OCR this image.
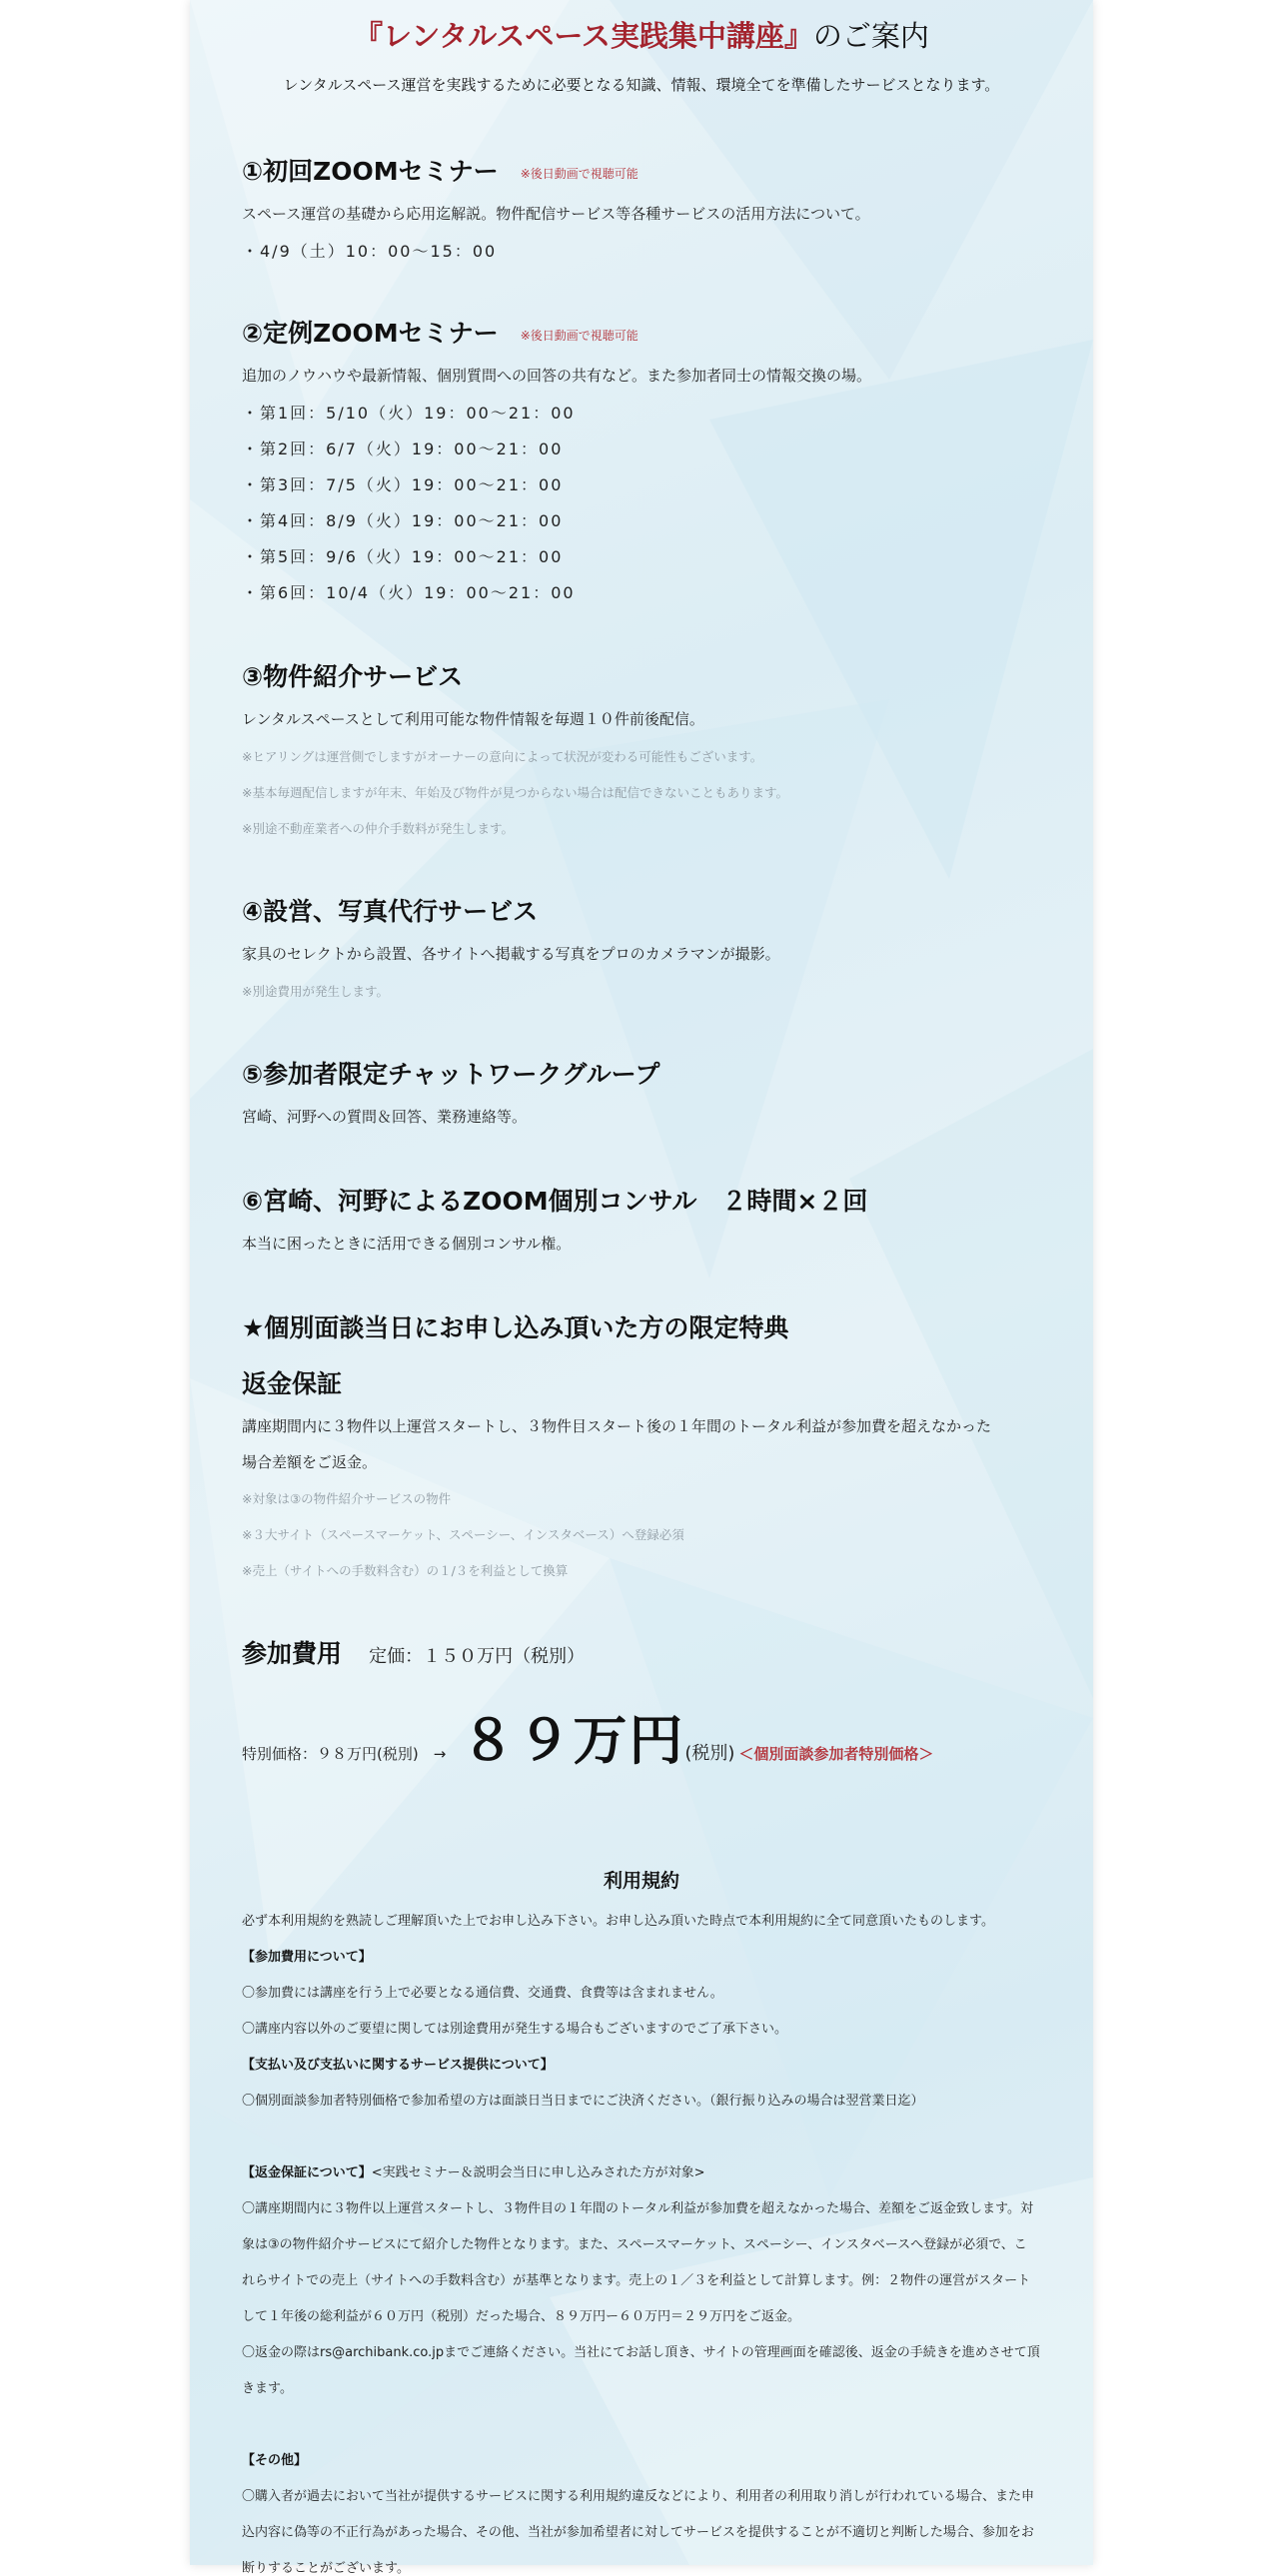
『レンタルスペース実践集中講座』のご案内
レンタルスペース運営を実践するために必要となる知識、情報、環境全てを準備したサービスとなります。
①初回ZOOMセミナー ※後日動画で視聴可能
スペース運営の基礎から応用迄解説。物件配信サービス等各種サービスの活用方法について。
・4/9（土）10：00〜15：00
②定例ZOOMセミナー ※後日動画で視聴可能
追加のノウハウや最新情報、個別質問への回答の共有など。また参加者同士の情報交換の場。
・第1回：5/10（火）19：00〜21：00
・第2回：6/7（火）19：00〜21：00
・第3回：7/5（火）19：00〜21：00
・第4回：8/9（火）19：00〜21：00
・第5回：9/6（火）19：00〜21：00
・第6回：10/4（火）19：00〜21：00
③物件紹介サービス
レンタルスペースとして利用可能な物件情報を毎週１０件前後配信。
※ヒアリングは運営側でしますがオーナーの意向によって状況が変わる可能性もございます。
※基本毎週配信しますが年末、年始及び物件が見つからない場合は配信できないこともあります。
※別途不動産業者への仲介手数料が発生します。
④設営、写真代行サービス
家具のセレクトから設置、各サイトへ掲載する写真をプロのカメラマンが撮影。
※別途費用が発生します。
⑤参加者限定チャットワークグループ
宮崎、河野への質問＆回答、業務連絡等。
⑥宮崎、河野によるZOOM個別コンサル　２時間×２回
本当に困ったときに活用できる個別コンサル権。
★個別面談当日にお申し込み頂いた方の限定特典
返金保証
講座期間内に３物件以上運営スタートし、３物件目スタート後の１年間のトータル利益が参加費を超えなかった
場合差額をご返金。
※対象は③の物件紹介サービスの物件
※３大サイト（スペースマーケット、スペーシー、インスタベース）へ登録必須
※売上（サイトへの手数料含む）の１/３を利益として換算
参加費用 定価：１５０万円（税別）
特別価格：９８万円(税別)　→ ８９万円(税別) ＜個別面談参加者特別価格＞
利用規約
必ず本利用規約を熟読しご理解頂いた上でお申し込み下さい。お申し込み頂いた時点で本利用規約に全て同意頂いたものします。
【参加費用について】
〇参加費には講座を行う上で必要となる通信費、交通費、食費等は含まれません。
〇講座内容以外のご要望に関しては別途費用が発生する場合もございますのでご了承下さい。
【支払い及び支払いに関するサービス提供について】
〇個別面談参加者特別価格で参加希望の方は面談日当日までにご決済ください。（銀行振り込みの場合は翌営業日迄）
【返金保証について】<実践セミナー＆説明会当日に申し込みされた方が対象>
〇講座期間内に３物件以上運営スタートし、３物件目の１年間のトータル利益が参加費を超えなかった場合、差額をご返金致します。対
象は③の物件紹介サービスにて紹介した物件となります。また、スペースマーケット、スペーシー、インスタベースへ登録が必須で、こ
れらサイトでの売上（サイトへの手数料含む）が基準となります。売上の１／３を利益として計算します。例：２物件の運営がスタート
して１年後の総利益が６０万円（税別）だった場合、８９万円ー６０万円＝２９万円をご返金。
〇返金の際はrs@archibank.co.jpまでご連絡ください。当社にてお話し頂き、サイトの管理画面を確認後、返金の手続きを進めさせて頂
きます。
【その他】
〇購入者が過去において当社が提供するサービスに関する利用規約違反などにより、利用者の利用取り消しが行われている場合、また申
込内容に偽等の不正行為があった場合、その他、当社が参加希望者に対してサービスを提供することが不適切と判断した場合、参加をお
断りすることがございます。
